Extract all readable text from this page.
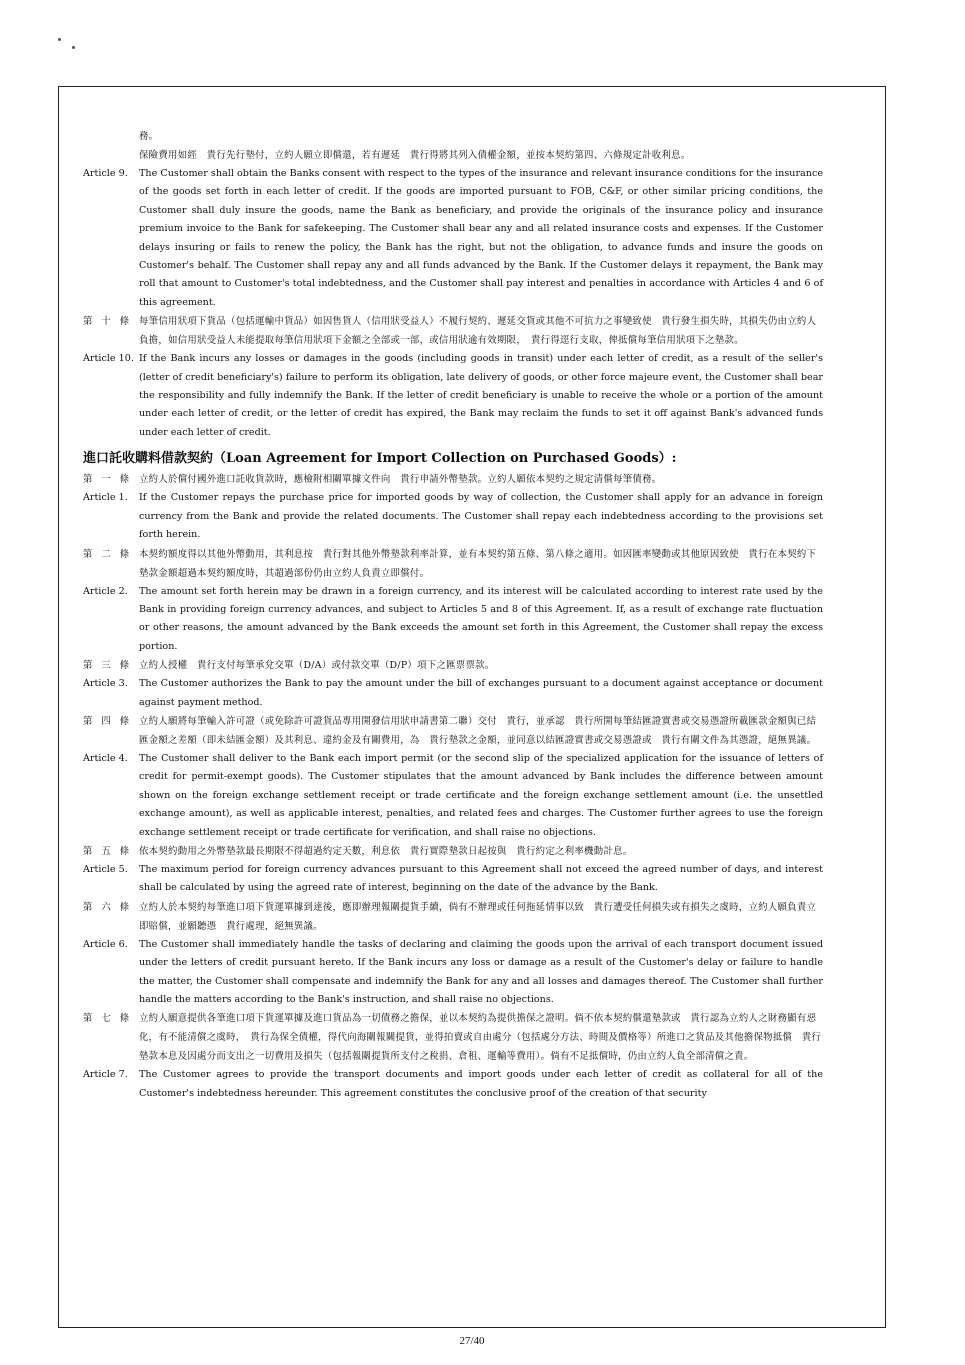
務。
保險費用如經　貴行先行墊付，立約人願立即償還，若有遲延　貴行得將其列入債權金額，並按本契約第四、六條規定計收利息。
Article 9.	The Customer shall obtain the Banks consent with respect to the types of the insurance and relevant insurance conditions for the insurance of the goods set forth in each letter of credit. If the goods are imported pursuant to FOB, C&F, or other similar pricing conditions, the Customer shall duly insure the goods, name the Bank as beneficiary, and provide the originals of the insurance policy and insurance premium invoice to the Bank for safekeeping. The Customer shall bear any and all related insurance costs and expenses. If the Customer delays insuring or fails to renew the policy, the Bank has the right, but not the obligation, to advance funds and insure the goods on Customer's behalf. The Customer shall repay any and all funds advanced by the Bank. If the Customer delays it repayment, the Bank may roll that amount to Customer's total indebtedness, and the Customer shall pay interest and penalties in accordance with Articles 4 and 6 of this agreement.
第 十 條 每筆信用狀項下貨品（包括運輸中貨品）如因售貨人（信用狀受益人）不履行契約、遲延交貨或其他不可抗力之事變致使　貴行發生損失時，其損失仍由立約人負擔，如信用狀受益人未能提取每筆信用狀項下金額之全部或一部，或信用狀逾有效期限，　貴行得逕行支取，俾抵償每筆信用狀項下之墊款。
Article 10. If the Bank incurs any losses or damages in the goods (including goods in transit) under each letter of credit, as a result of the seller's (letter of credit beneficiary's) failure to perform its obligation, late delivery of goods, or other force majeure event, the Customer shall bear the responsibility and fully indemnify the Bank. If the letter of credit beneficiary is unable to receive the whole or a portion of the amount under each letter of credit, or the letter of credit has expired, the Bank may reclaim the funds to set it off against Bank's advanced funds under each letter of credit.
進口託收購料借款契約（Loan Agreement for Import Collection on Purchased Goods）:
第 一 條 立約人於償付國外進口託收貨款時，應檢附相關單據文件向　貴行申請外幣墊款。立約人願依本契約之規定清償每筆債務。
Article 1.	If the Customer repays the purchase price for imported goods by way of collection, the Customer shall apply for an advance in foreign currency from the Bank and provide the related documents. The Customer shall repay each indebtedness according to the provisions set forth herein.
第 二 條 本契約額度得以其他外幣動用，其利息按　貴行對其他外幣墊款利率計算，並有本契約第五條、第八條之適用。如因匯率變動或其他原因致使　貴行在本契約下墊款金額超過本契約額度時，其超過部份仍由立約人負責立即償付。
Article 2.	The amount set forth herein may be drawn in a foreign currency, and its interest will be calculated according to interest rate used by the Bank in providing foreign currency advances, and subject to Articles 5 and 8 of this Agreement. If, as a result of exchange rate fluctuation or other reasons, the amount advanced by the Bank exceeds the amount set forth in this Agreement, the Customer shall repay the excess portion.
第 三 條 立約人授權　貴行支付每筆承兌交單（D/A）或付款交單（D/P）項下之匯票票款。
Article 3.	The Customer authorizes the Bank to pay the amount under the bill of exchanges pursuant to a document against acceptance or document against payment method.
第 四 條 立約人願將每筆輸入許可證（或免除許可證貨品專用開發信用狀申請書第二聯）交付　貴行，並承認　貴行所開每筆結匯證實書或交易憑證所載匯款金額與已結匯金額之差額（即未結匯金額）及其利息、違約金及有關費用，為　貴行墊款之金額，並同意以結匯證實書或交易憑證或　貴行有關文件為其憑證，絕無異議。
Article 4.	The Customer shall deliver to the Bank each import permit (or the second slip of the specialized application for the issuance of letters of credit for permit-exempt goods). The Customer stipulates that the amount advanced by Bank includes the difference between amount shown on the foreign exchange settlement receipt or trade certificate and the foreign exchange settlement amount (i.e. the unsettled exchange amount), as well as applicable interest, penalties, and related fees and charges. The Customer further agrees to use the foreign exchange settlement receipt or trade certificate for verification, and shall raise no objections.
第 五 條 依本契約動用之外幣墊款最長期限不得超過約定天數，利息依　貴行實際墊款日起按與　貴行約定之利率機動計息。
Article 5.	The maximum period for foreign currency advances pursuant to this Agreement shall not exceed the agreed number of days, and interest shall be calculated by using the agreed rate of interest, beginning on the date of the advance by the Bank.
第 六 條 立約人於本契約每筆進口項下貨運單據到達後，應即辦理報關提貨手續，倘有不辦理或任何拖延情事以致　貴行遭受任何損失或有損失之虞時，立約人願負責立即賠償，並願聽憑　貴行處理，絕無異議。
Article 6.	The Customer shall immediately handle the tasks of declaring and claiming the goods upon the arrival of each transport document issued under the letters of credit pursuant hereto. If the Bank incurs any loss or damage as a result of the Customer's delay or failure to handle the matter, the Customer shall compensate and indemnify the Bank for any and all losses and damages thereof. The Customer shall further handle the matters according to the Bank's instruction, and shall raise no objections.
第 七 條 立約人願意提供各筆進口項下貨運單據及進口貨品為一切債務之擔保，並以本契約為提供擔保之證明。倘不依本契約償還墊款或　貴行認為立約人之財務顯有惡化，有不能清償之虞時，　貴行為保全債權，得代向海關報關提貨，並得拍賣或自由處分（包括處分方法、時間及價格等）所進口之貨品及其他擔保物抵償　貴行墊款本息及因處分而支出之一切費用及損失（包括報關提貨所支付之稅捐、倉租、運輸等費用）。倘有不足抵償時，仍由立約人負全部清償之責。
Article 7.	The Customer agrees to provide the transport documents and import goods under each letter of credit as collateral for all of the Customer's indebtedness hereunder. This agreement constitutes the conclusive proof of the creation of that security
27/40
